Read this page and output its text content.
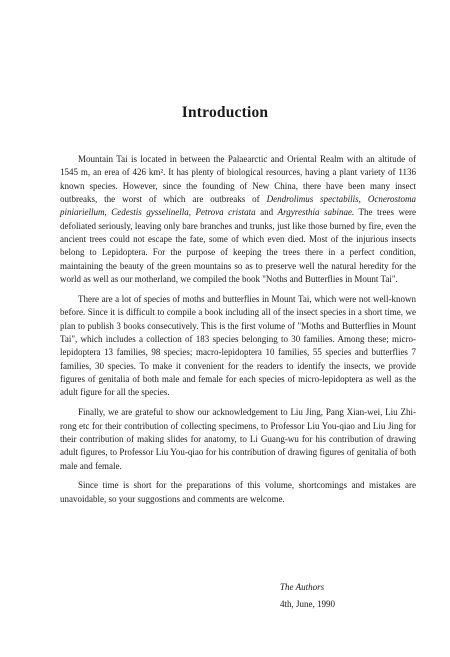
Introduction

Mountain Tai is located in between the Palaearctic and Oriental Realm with an altitude of 1545 m, an erea of 426 km². It has plenty of biological resources, having a plant variety of 1136 known species. However, since the founding of New China, there have been many insect outbreaks, the worst of which are outbreaks of Dendrolimus spectabilis, Ocnerostoma piniariellum, Cedestis gysselinella, Petrova cristata and Argyresthia sabinae. The trees were defoliated seriously, leaving only bare branches and trunks, just like those burned by fire, even the ancient trees could not escape the fate, some of which even died. Most of the injurious insects belong to Lepidoptera. For the purpose of keeping the trees there in a perfect condition, maintaining the beauty of the green mountains so as to preserve well the natural heredity for the world as well as our motherland, we compiled the book "Noths and Butterflies in Mount Tai".

There are a lot of species of moths and butterflies in Mount Tai, which were not well-known before. Since it is difficult to compile a book including all of the insect species in a short time, we plan to publish 3 books consecutively. This is the first volume of "Moths and Butterflies in Mount Tai", which includes a collection of 183 species belonging to 30 families. Among these; micro-lepidoptera 13 families, 98 species; macro-lepidoptera 10 families, 55 species and butterflies 7 families, 30 species. To make it convenient for the readers to identify the insects, we provide figures of genitalia of both male and female for each species of micro-lepidoptera as well as the adult figure for all the species.

Finally, we are grateful to show our acknowledgement to Liu Jing, Pang Xian-wei, Liu Zhi-rong etc for their contribution of collecting specimens, to Professor Liu You-qiao and Liu Jing for their contribution of making slides for anatomy, to Li Guang-wu for his contribution of drawing adult figures, to Professor Liu You-qiao for his contribution of drawing figures of genitalia of both male and female.

Since time is short for the preparations of this volume, shortcomings and mistakes are unavoidable, so your suggostions and comments are welcome.

The Authors
4th, June, 1990
